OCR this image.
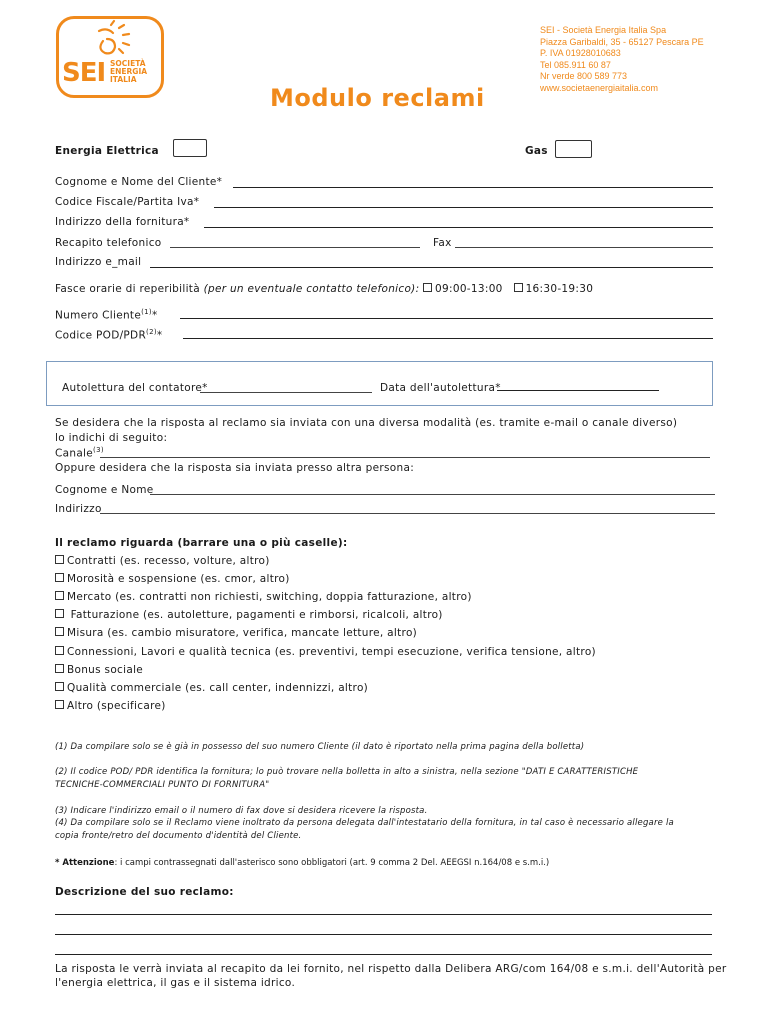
SEI SOCIETÀ
ENERGIA
ITALIA
SEI - Società Energia Italia Spa
Piazza Garibaldi, 35 - 65127 Pescara PE
P. IVA 01928010683
Tel 085.911 60 87
Nr verde 800 589 773
www.societaenergiaitalia.com
Modulo reclami
Energia Elettrica	Gas
Cognome e Nome del Cliente*
Codice Fiscale/Partita Iva*
Indirizzo della fornitura*
Recapito telefonico	Fax
Indirizzo e_mail
Fasce orarie di reperibilità (per un eventuale contatto telefonico): 09:00-13:00 16:30-19:30
Numero Cliente$^{(1)}$*
Codice POD/PDR$^{(2)}$*
Autolettura del contatore*	Data dell'autolettura*
Se desidera che la risposta al reclamo sia inviata con una diversa modalità (es. tramite e-mail o canale diverso)
lo indichi di seguito:
Canale$^{(3)}$
Oppure desidera che la risposta sia inviata presso altra persona:
Cognome e Nome
Indirizzo
Il reclamo riguarda (barrare una o più caselle):
Contratti (es. recesso, volture, altro)
Morosità e sospensione (es. cmor, altro)
Mercato (es. contratti non richiesti, switching, doppia fatturazione, altro)
Fatturazione (es. autoletture, pagamenti e rimborsi, ricalcoli, altro)
Misura (es. cambio misuratore, verifica, mancate letture, altro)
Connessioni, Lavori e qualità tecnica (es. preventivi, tempi esecuzione, verifica tensione, altro)
Bonus sociale
Qualità commerciale (es. call center, indennizzi, altro)
Altro (specificare)
(1) Da compilare solo se è già in possesso del suo numero Cliente (il dato è riportato nella prima pagina della bolletta)
(2) Il codice POD/ PDR identifica la fornitura; lo può trovare nella bolletta in alto a sinistra, nella sezione "DATI E CARATTERISTICHE
TECNICHE-COMMERCIALI PUNTO DI FORNITURA"
(3) Indicare l'indirizzo email o il numero di fax dove si desidera ricevere la risposta.
(4) Da compilare solo se il Reclamo viene inoltrato da persona delegata dall'intestatario della fornitura, in tal caso è necessario allegare la
copia fronte/retro del documento d'identità del Cliente.
* Attenzione: i campi contrassegnati dall'asterisco sono obbligatori (art. 9 comma 2 Del. AEEGSI n.164/08 e s.m.i.)
Descrizione del suo reclamo:
La risposta le verrà inviata al recapito da lei fornito, nel rispetto dalla Delibera ARG/com 164/08 e s.m.i. dell'Autorità per
l'energia elettrica, il gas e il sistema idrico.
